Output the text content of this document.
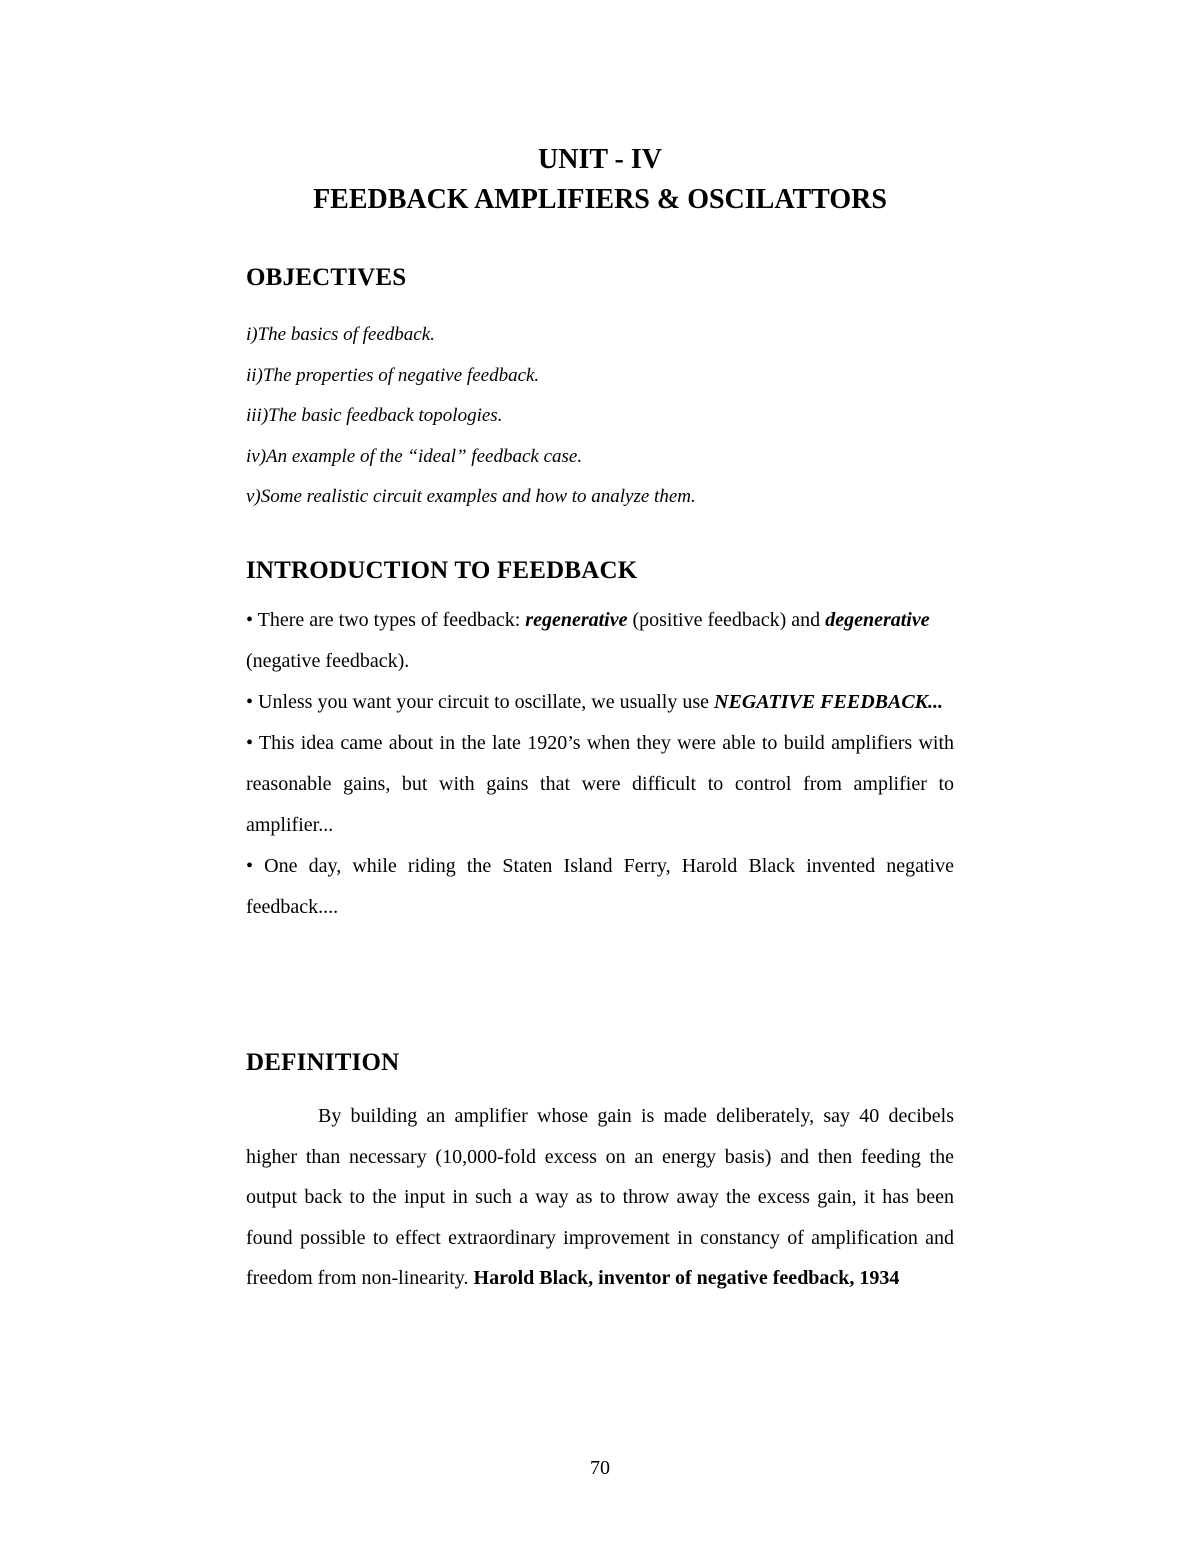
UNIT - IV
FEEDBACK AMPLIFIERS & OSCILATTORS
OBJECTIVES
i)The basics of feedback.
ii)The properties of negative feedback.
iii)The basic feedback topologies.
iv)An example of the “ideal” feedback case.
v)Some realistic circuit examples and how to analyze them.
INTRODUCTION TO FEEDBACK

• There are two types of feedback: regenerative (positive feedback) and degenerative

(negative feedback).

• Unless you want your circuit to oscillate, we usually use NEGATIVE FEEDBACK...

• This idea came about in the late 1920’s when they were able to build amplifiers with reasonable gains, but with gains that were difficult to control from amplifier to amplifier...

• One day, while riding the Staten Island Ferry, Harold Black invented negative feedback....

DEFINITION

By building an amplifier whose gain is made deliberately, say 40 decibels higher than necessary (10,000-fold excess on an energy basis) and then feeding the output back to the input in such a way as to throw away the excess gain, it has been found possible to effect extraordinary improvement in constancy of amplification and freedom from non-linearity. Harold Black, inventor of negative feedback, 1934

70
